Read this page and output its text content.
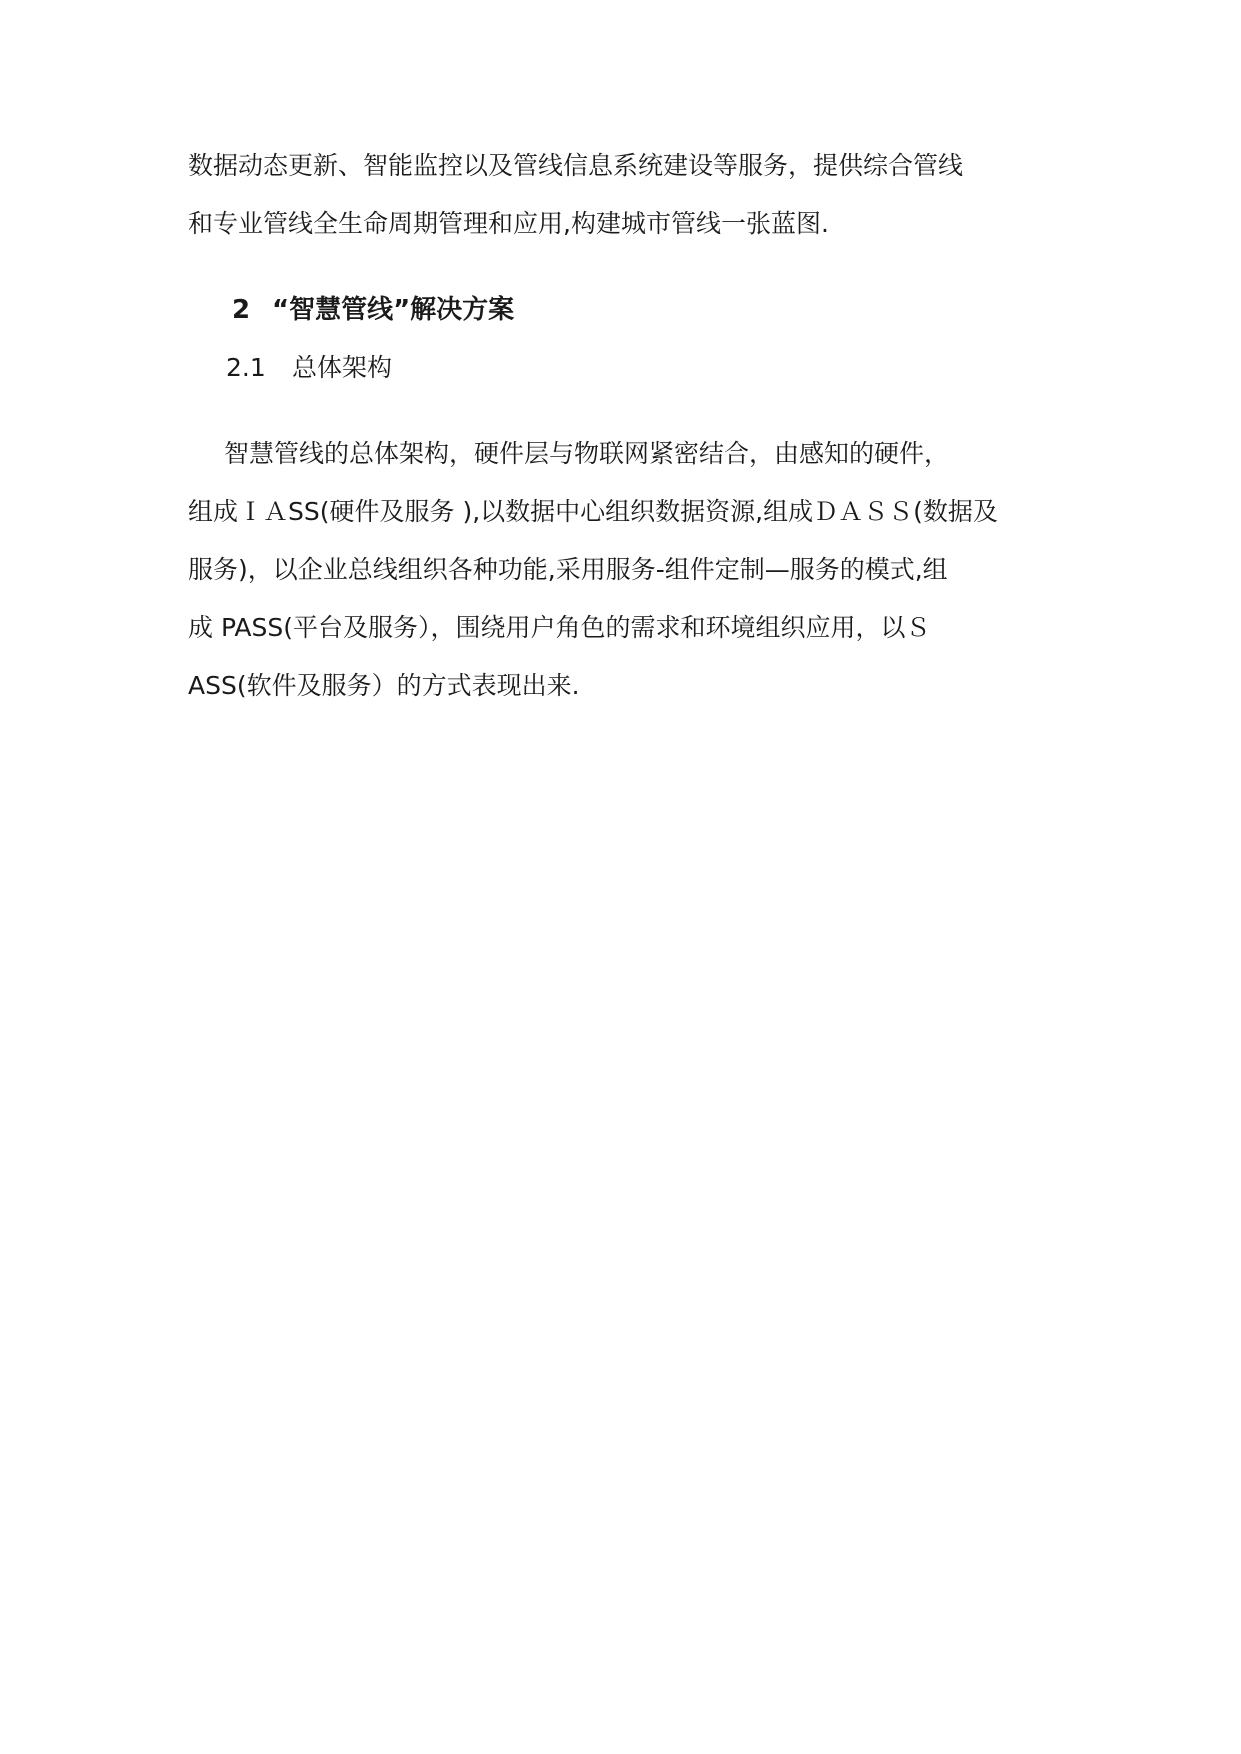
数据动态更新、智能监控以及管线信息系统建设等服务，提供综合管线
和专业管线全生命周期管理和应用,构建城市管线一张蓝图.
2 “智慧管线”解决方案
2.1 总体架构
智慧管线的总体架构，硬件层与物联网紧密结合，由感知的硬件，
组成ＩＡSS(硬件及服务 ),以数据中心组织数据资源,组成ＤＡＳＳ(数据及
服务)，以企业总线组织各种功能,采用服务-组件定制—服务的模式,组
成 PASS(平台及服务），围绕用户角色的需求和环境组织应用，以Ｓ
ASS(软件及服务）的方式表现出来.
